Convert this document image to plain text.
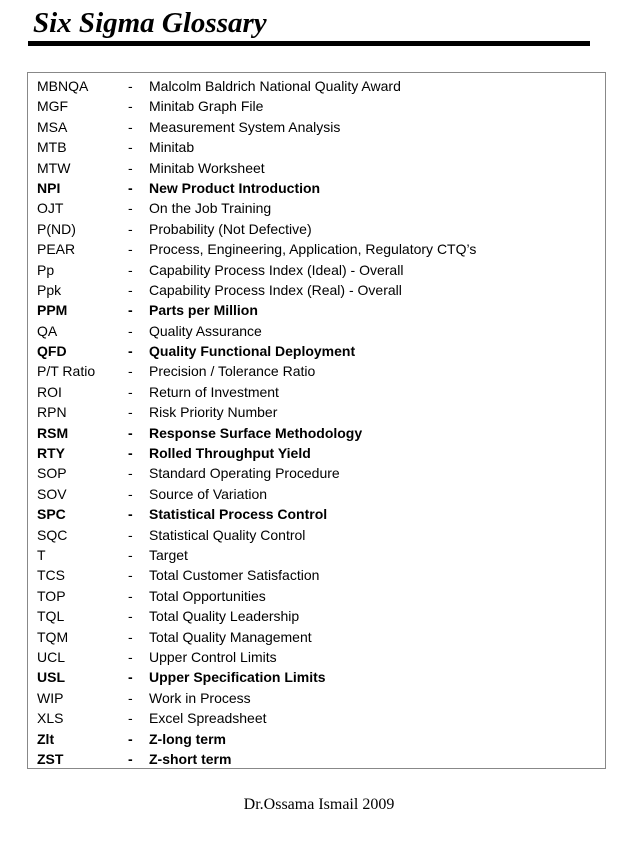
Six Sigma Glossary
MBNQA	- Malcolm Baldrich National Quality Award
MGF	- Minitab Graph File
MSA	- Measurement System Analysis
MTB	- Minitab
MTW	- Minitab Worksheet
NPI	- New Product Introduction
OJT	- On the Job Training
P(ND)	- Probability (Not Defective)
PEAR	- Process, Engineering, Application, Regulatory CTQ’s
Pp	- Capability Process Index (Ideal) - Overall
Ppk	- Capability Process Index (Real) - Overall
PPM	- Parts per Million
QA	- Quality Assurance
QFD	- Quality Functional Deployment
P/T Ratio - Precision / Tolerance Ratio
ROI	- Return of Investment
RPN	- Risk Priority Number
RSM	- Response Surface Methodology
RTY	- Rolled Throughput Yield
SOP	- Standard Operating Procedure
SOV	- Source of Variation
SPC	- Statistical Process Control
SQC	- Statistical Quality Control
T	- Target
TCS	- Total Customer Satisfaction
TOP	- Total Opportunities
TQL	- Total Quality Leadership
TQM	- Total Quality Management
UCL	- Upper Control Limits
USL	- Upper Specification Limits
WIP	- Work in Process
XLS	- Excel Spreadsheet
Zlt	- Z-long term
ZST	- Z-short term
Dr.Ossama Ismail 2009
